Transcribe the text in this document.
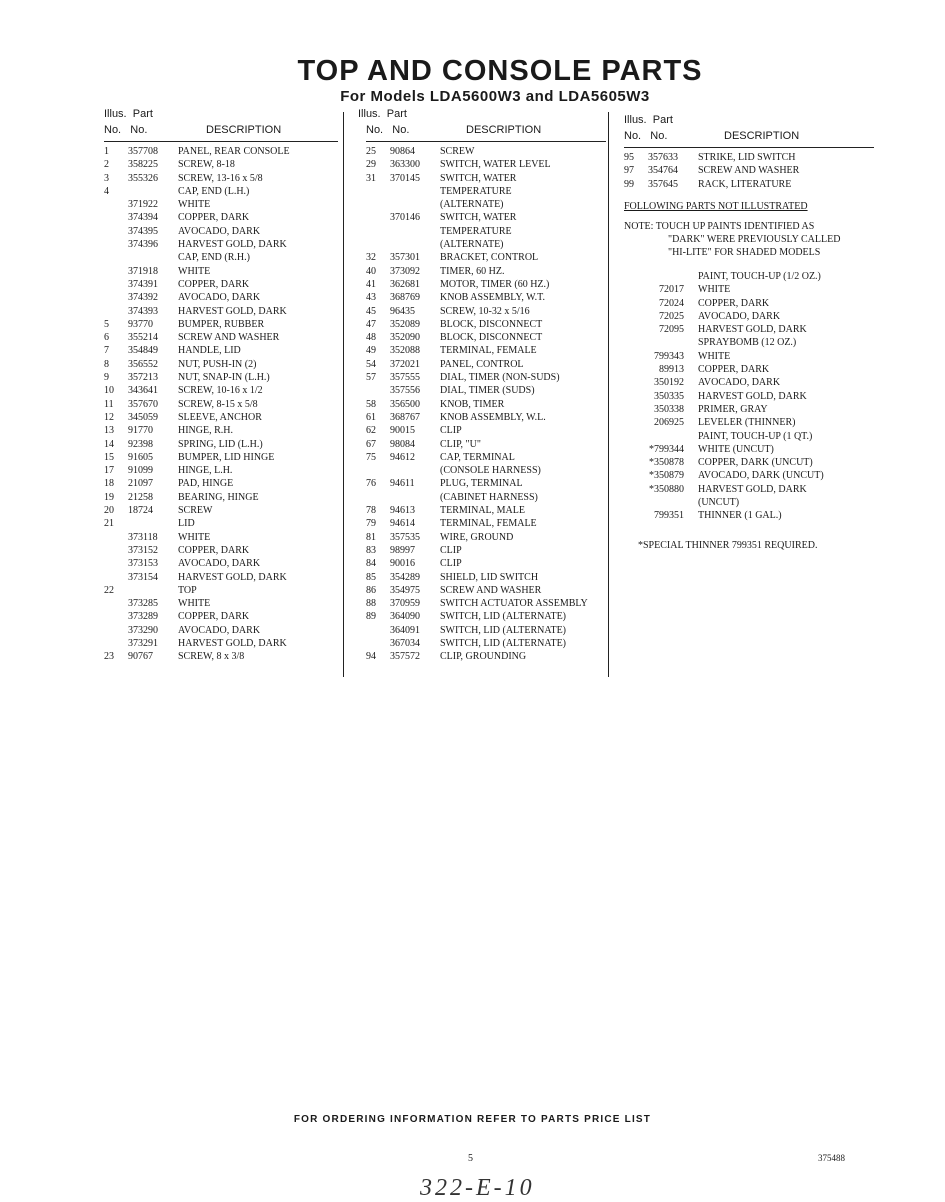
TOP AND CONSOLE PARTS
For Models LDA5600W3 and LDA5605W3
Illus. Part
No. No.	DESCRIPTION
1 357708 PANEL, REAR CONSOLE
2 358225 SCREW, 8-18
3 355326 SCREW, 13-16 x 5/8
4	CAP, END (L.H.)
371922 WHITE
374394 COPPER, DARK
374395 AVOCADO, DARK
374396 HARVEST GOLD, DARK
CAP, END (R.H.)
371918 WHITE
374391 COPPER, DARK
374392 AVOCADO, DARK
374393 HARVEST GOLD, DARK
5 93770	BUMPER, RUBBER
6 355214 SCREW AND WASHER
7 354849 HANDLE, LID
8 356552 NUT, PUSH-IN (2)
9 357213 NUT, SNAP-IN (L.H.)
10 343641 SCREW, 10-16 x 1/2
11 357670 SCREW, 8-15 x 5/8
12 345059 SLEEVE, ANCHOR
13 91770	HINGE, R.H.
14 92398	SPRING, LID (L.H.)
15 91605	BUMPER, LID HINGE
17 91099	HINGE, L.H.
18 21097	PAD, HINGE
19 21258	BEARING, HINGE
20 18724	SCREW
21	LID
373118 WHITE
373152 COPPER, DARK
373153 AVOCADO, DARK
373154 HARVEST GOLD, DARK
22	TOP
373285 WHITE
373289 COPPER, DARK
373290 AVOCADO, DARK
373291 HARVEST GOLD, DARK
23 90767	SCREW, 8 x 3/8
Illus. Part
No. No.	DESCRIPTION
25 90864	SCREW
29 363300 SWITCH, WATER LEVEL
31 370145 SWITCH, WATER
TEMPERATURE
(ALTERNATE)
370146 SWITCH, WATER
TEMPERATURE
(ALTERNATE)
32 357301 BRACKET, CONTROL
40 373092 TIMER, 60 HZ.
41 362681 MOTOR, TIMER (60 HZ.)
43 368769 KNOB ASSEMBLY, W.T.
45 96435	SCREW, 10-32 x 5/16
47 352089 BLOCK, DISCONNECT
48 352090 BLOCK, DISCONNECT
49 352088 TERMINAL, FEMALE
54 372021 PANEL, CONTROL
57 357555 DIAL, TIMER (NON-SUDS)
357556 DIAL, TIMER (SUDS)
58 356500 KNOB, TIMER
61 368767 KNOB ASSEMBLY, W.L.
62 90015	CLIP
67 98084	CLIP, "U"
75 94612	CAP, TERMINAL
(CONSOLE HARNESS)
76 94611	PLUG, TERMINAL
(CABINET HARNESS)
78 94613	TERMINAL, MALE
79 94614	TERMINAL, FEMALE
81 357535 WIRE, GROUND
83 98997	CLIP
84 90016	CLIP
85 354289 SHIELD, LID SWITCH
86 354975 SCREW AND WASHER
88 370959 SWITCH ACTUATOR ASSEMBLY
89 364090 SWITCH, LID (ALTERNATE)
364091 SWITCH, LID (ALTERNATE)
367034 SWITCH, LID (ALTERNATE)
94 357572 CLIP, GROUNDING
Illus. Part
No. No.	DESCRIPTION
95 357633 STRIKE, LID SWITCH
97 354764 SCREW AND WASHER
99 357645 RACK, LITERATURE
FOLLOWING PARTS NOT ILLUSTRATED
NOTE: TOUCH UP PAINTS IDENTIFIED AS
"DARK" WERE PREVIOUSLY CALLED
"HI-LITE" FOR SHADED MODELS
PAINT, TOUCH-UP (1/2 OZ.)
72017 WHITE
72024 COPPER, DARK
72025 AVOCADO, DARK
72095 HARVEST GOLD, DARK
SPRAYBOMB (12 OZ.)
799343 WHITE
89913 COPPER, DARK
350192 AVOCADO, DARK
350335 HARVEST GOLD, DARK
350338 PRIMER, GRAY
206925 LEVELER (THINNER)
PAINT, TOUCH-UP (1 QT.)
*799344 WHITE (UNCUT)
*350878 COPPER, DARK (UNCUT)
*350879 AVOCADO, DARK (UNCUT)
*350880 HARVEST GOLD, DARK
(UNCUT)
799351 THINNER (1 GAL.)
*SPECIAL THINNER 799351 REQUIRED.
FOR ORDERING INFORMATION REFER TO PARTS PRICE LIST
5	375488
322-E-10
